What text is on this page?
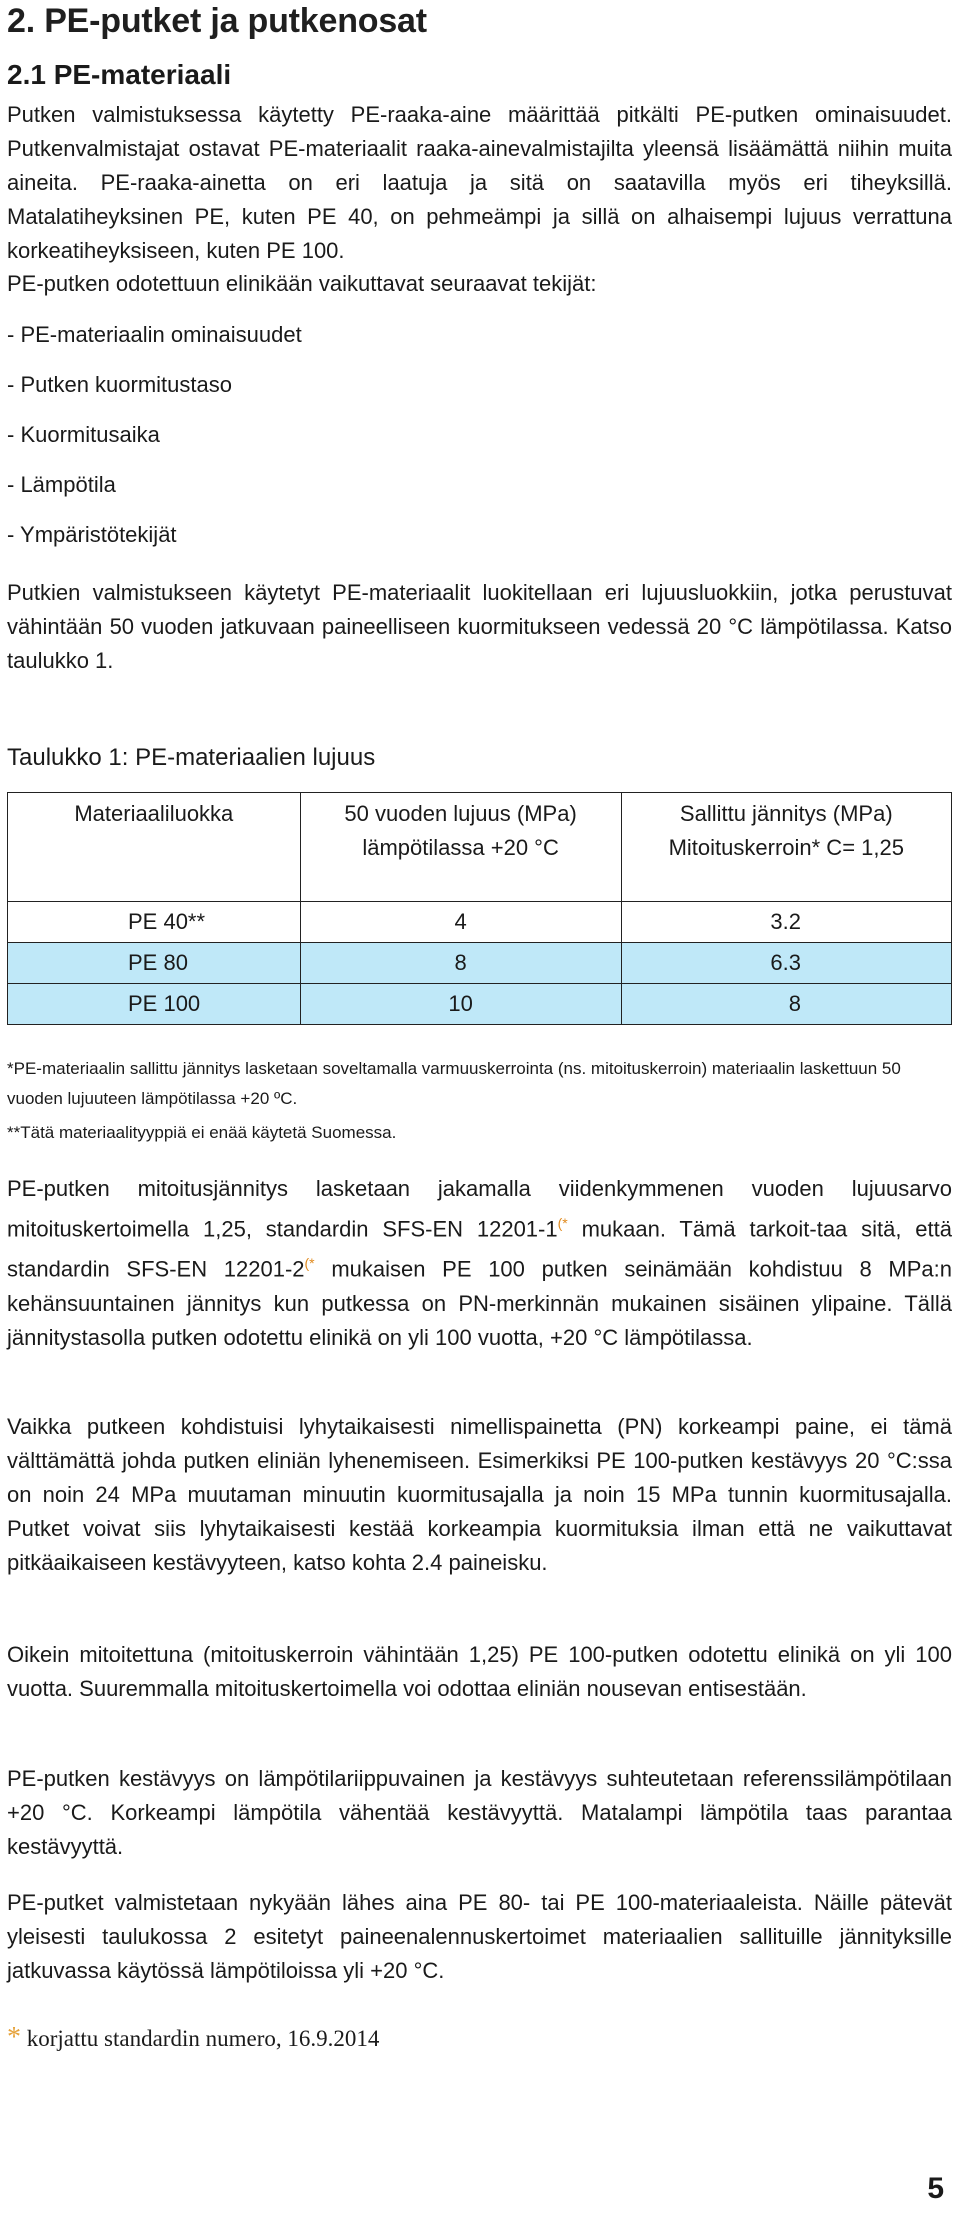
2. PE-putket ja putkenosat
2.1 PE-materiaali

Putken valmistuksessa käytetty PE-raaka-aine määrittää pitkälti PE-putken ominaisuudet. Putkenvalmistajat ostavat PE-materiaalit raaka-ainevalmistajilta yleensä lisäämättä niihin muita aineita. PE-raaka-ainetta on eri laatuja ja sitä on saatavilla myös eri tiheyksillä. Matalatiheyksinen PE, kuten PE 40, on pehmeämpi ja sillä on alhaisempi lujuus verrattuna korkeatiheyksiseen, kuten PE 100.

PE-putken odotettuun elinikään vaikuttavat seuraavat tekijät:

- PE-materiaalin ominaisuudet

- Putken kuormitustaso

- Kuormitusaika

- Lämpötila

- Ympäristötekijät

Putkien valmistukseen käytetyt PE-materiaalit luokitellaan eri lujuusluokkiin, jotka perustuvat vähintään 50 vuoden jatkuvaan paineelliseen kuormitukseen vedessä 20 °C lämpötilassa. Katso taulukko 1.

Taulukko 1: PE-materiaalien lujuus
Materiaaliluokka	50 vuoden lujuus (MPa) lämpötilassa +20 °C	Sallittu jännitys (MPa) Mitoituskerroin* C= 1,25
PE 40**	4	3.2
PE 80	8	6.3
PE 100	10	8

*PE-materiaalin sallittu jännitys lasketaan soveltamalla varmuuskerrointa (ns. mitoituskerroin) materiaalin laskettuun 50 vuoden lujuuteen lämpötilassa +20 ºC.

**Tätä materiaalityyppiä ei enää käytetä Suomessa.

PE-putken mitoitusjännitys lasketaan jakamalla viidenkymmenen vuoden lujuusarvo mitoituskertoimella 1,25, standardin SFS-EN 12201-1(* mukaan. Tämä tarkoit-taa sitä, että standardin SFS-EN 12201-2(* mukaisen PE 100 putken seinämään kohdistuu 8 MPa:n kehänsuuntainen jännitys kun putkessa on PN-merkinnän mukainen sisäinen ylipaine. Tällä jännitystasolla putken odotettu elinikä on yli 100 vuotta, +20 °C lämpötilassa.

Vaikka putkeen kohdistuisi lyhytaikaisesti nimellispainetta (PN) korkeampi paine, ei tämä välttämättä johda putken eliniän lyhenemiseen. Esimerkiksi PE 100-putken kestävyys 20 °C:ssa on noin 24 MPa muutaman minuutin kuormitusajalla ja noin 15 MPa tunnin kuormitusajalla. Putket voivat siis lyhytaikaisesti kestää korkeampia kuormituksia ilman että ne vaikuttavat pitkäaikaiseen kestävyyteen, katso kohta 2.4 paineisku.

Oikein mitoitettuna (mitoituskerroin vähintään 1,25) PE 100-putken odotettu elinikä on yli 100 vuotta. Suuremmalla mitoituskertoimella voi odottaa eliniän nousevan entisestään.

PE-putken kestävyys on lämpötilariippuvainen ja kestävyys suhteutetaan referenssilämpötilaan +20 °C. Korkeampi lämpötila vähentää kestävyyttä. Matalampi lämpötila taas parantaa kestävyyttä.

PE-putket valmistetaan nykyään lähes aina PE 80- tai PE 100-materiaaleista. Näille pätevät yleisesti taulukossa 2 esitetyt paineenalennuskertoimet materiaalien sallituille jännityksille jatkuvassa käytössä lämpötiloissa yli +20 °C.

* korjattu standardin numero, 16.9.2014
5
